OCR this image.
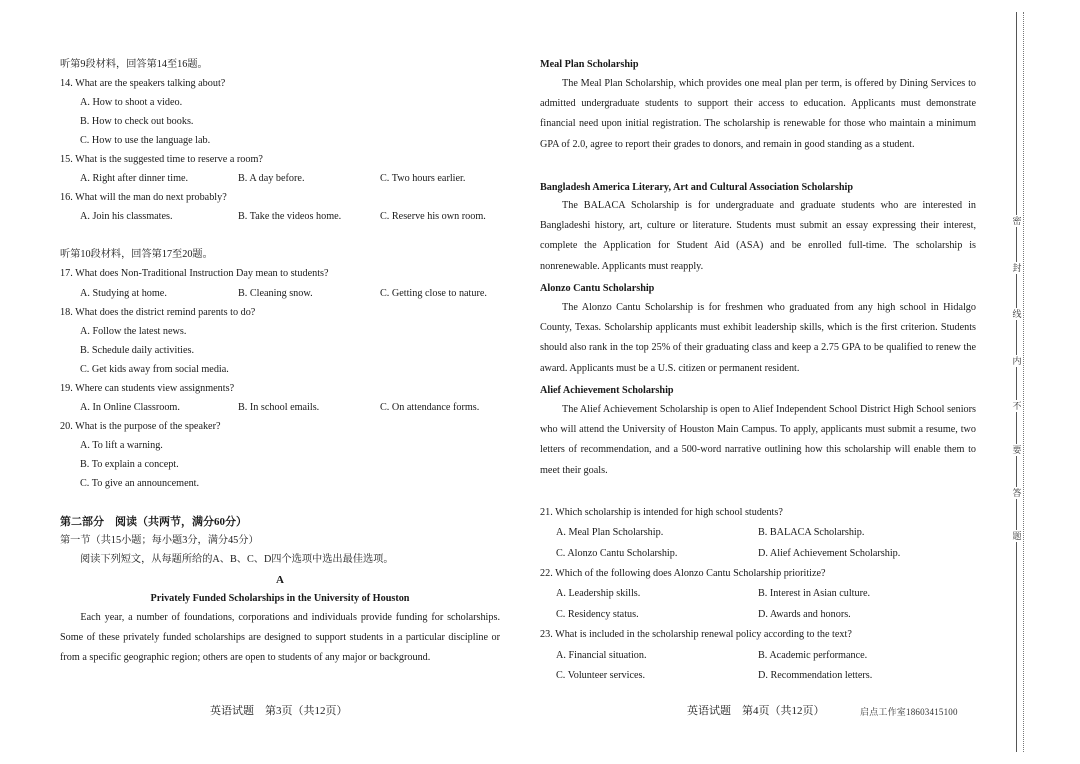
听第9段材料，回答第14至16题。
14. What are the speakers talking about?
A. How to shoot a video.
B. How to check out books.
C. How to use the language lab.
15. What is the suggested time to reserve a room?
A. Right after dinner time.	B. A day before.	C. Two hours earlier.
16. What will the man do next probably?
A. Join his classmates.	B. Take the videos home.	C. Reserve his own room.
听第10段材料，回答第17至20题。
17. What does Non-Traditional Instruction Day mean to students?
A. Studying at home.	B. Cleaning snow.	C. Getting close to nature.
18. What does the district remind parents to do?
A. Follow the latest news.
B. Schedule daily activities.
C. Get kids away from social media.
19. Where can students view assignments?
A. In Online Classroom.	B. In school emails.	C. On attendance forms.
20. What is the purpose of the speaker?
A. To lift a warning.
B. To explain a concept.
C. To give an announcement.
第二部分　阅读（共两节，满分60分）
第一节（共15小题；每小题3分，满分45分）
阅读下列短文，从每题所给的A、B、C、D四个选项中选出最佳选项。
A
Privately Funded Scholarships in the University of Houston

Each year, a number of foundations, corporations and individuals provide funding for scholarships. Some of these privately funded scholarships are designed to support students in a particular discipline or from a specific geographic region; others are open to students of any major or background.

英语试题　第3页（共12页）
Meal Plan Scholarship

The Meal Plan Scholarship, which provides one meal plan per term, is offered by Dining Services to admitted undergraduate students to support their access to education. Applicants must demonstrate financial need upon initial registration. The scholarship is renewable for those who maintain a minimum GPA of 2.0, agree to report their grades to donors, and remain in good standing as a student.

Bangladesh America Literary, Art and Cultural Association Scholarship

The BALACA Scholarship is for undergraduate and graduate students who are interested in Bangladeshi history, art, culture or literature. Students must submit an essay expressing their interest, complete the Application for Student Aid (ASA) and be enrolled full-time. The scholarship is nonrenewable. Applicants must reapply.

Alonzo Cantu Scholarship

The Alonzo Cantu Scholarship is for freshmen who graduated from any high school in Hidalgo County, Texas. Scholarship applicants must exhibit leadership skills, which is the first criterion. Students should also rank in the top 25% of their graduating class and keep a 2.75 GPA to be qualified to renew the award. Applicants must be a U.S. citizen or permanent resident.

Alief Achievement Scholarship

The Alief Achievement Scholarship is open to Alief Independent School District High School seniors who will attend the University of Houston Main Campus. To apply, applicants must submit a resume, two letters of recommendation, and a 500-word narrative outlining how this scholarship will enable them to meet their goals.

21. Which scholarship is intended for high school students?
A. Meal Plan Scholarship.	B. BALACA Scholarship.
C. Alonzo Cantu Scholarship.	D. Alief Achievement Scholarship.
22. Which of the following does Alonzo Cantu Scholarship prioritize?
A. Leadership skills.	B. Interest in Asian culture.
C. Residency status.	D. Awards and honors.
23. What is included in the scholarship renewal policy according to the text?
A. Financial situation.	B. Academic performance.
C. Volunteer services.	D. Recommendation letters.
英语试题　第4页（共12页）	启点工作室18603415100
密
封
线
内
不
要
答
题
